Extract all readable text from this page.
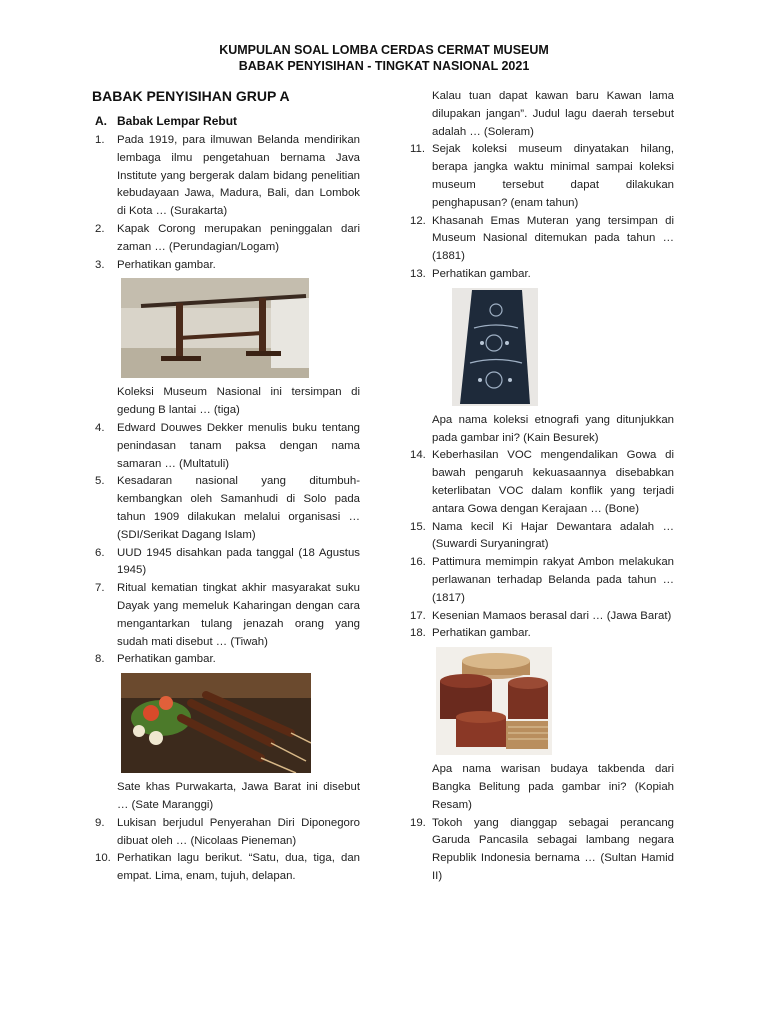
KUMPULAN SOAL LOMBA CERDAS CERMAT MUSEUM
BABAK PENYISIHAN - TINGKAT NASIONAL 2021
BABAK PENYISIHAN GRUP A
A. Babak Lempar Rebut
1.	Pada 1919, para ilmuwan Belanda mendirikan lembaga ilmu pengetahuan bernama Java Institute yang bergerak dalam bidang penelitian kebudayaan Jawa, Madura, Bali, dan Lombok di Kota … (Surakarta)
2.	Kapak Corong merupakan peninggalan dari zaman … (Perundagian/Logam)
3.	Perhatikan gambar.
Koleksi Museum Nasional ini tersimpan di gedung B lantai … (tiga)
4.	Edward Douwes Dekker menulis buku tentang penindasan tanam paksa dengan nama samaran … (Multatuli)
5.	Kesadaran nasional yang ditumbuh-kembangkan oleh Samanhudi di Solo pada tahun 1909 dilakukan melalui organisasi … (SDI/Serikat Dagang Islam)
6.	UUD 1945 disahkan pada tanggal (18 Agustus 1945)
7.	Ritual kematian tingkat akhir masyarakat suku Dayak yang memeluk Kaharingan dengan cara mengantarkan tulang jenazah orang yang sudah mati disebut … (Tiwah)
8.	Perhatikan gambar.
Sate khas Purwakarta, Jawa Barat ini disebut … (Sate Maranggi)
9.	Lukisan berjudul Penyerahan Diri Diponegoro dibuat oleh … (Nicolaas Pieneman)
10. Perhatikan lagu berikut. “Satu, dua, tiga, dan empat. Lima, enam, tujuh, delapan.
Kalau tuan dapat kawan baru Kawan lama dilupakan jangan”. Judul lagu daerah tersebut adalah … (Soleram)
11. Sejak koleksi museum dinyatakan hilang, berapa jangka waktu minimal sampai koleksi museum tersebut dapat dilakukan penghapusan? (enam tahun)
12. Khasanah Emas Muteran yang tersimpan di Museum Nasional ditemukan pada tahun … (1881)
13. Perhatikan gambar.
Apa nama koleksi etnografi yang ditunjukkan pada gambar ini? (Kain Besurek)
14. Keberhasilan VOC mengendalikan Gowa di bawah pengaruh kekuasaannya disebabkan keterlibatan VOC dalam konflik yang terjadi antara Gowa dengan Kerajaan … (Bone)
15. Nama kecil Ki Hajar Dewantara adalah … (Suwardi Suryaningrat)
16. Pattimura memimpin rakyat Ambon melakukan perlawanan terhadap Belanda pada tahun … (1817)
17. Kesenian Mamaos berasal dari … (Jawa Barat)
18. Perhatikan gambar.
Apa nama warisan budaya takbenda dari Bangka Belitung pada gambar ini? (Kopiah Resam)
19. Tokoh yang dianggap sebagai perancang Garuda Pancasila sebagai lambang negara Republik Indonesia bernama … (Sultan Hamid II)
